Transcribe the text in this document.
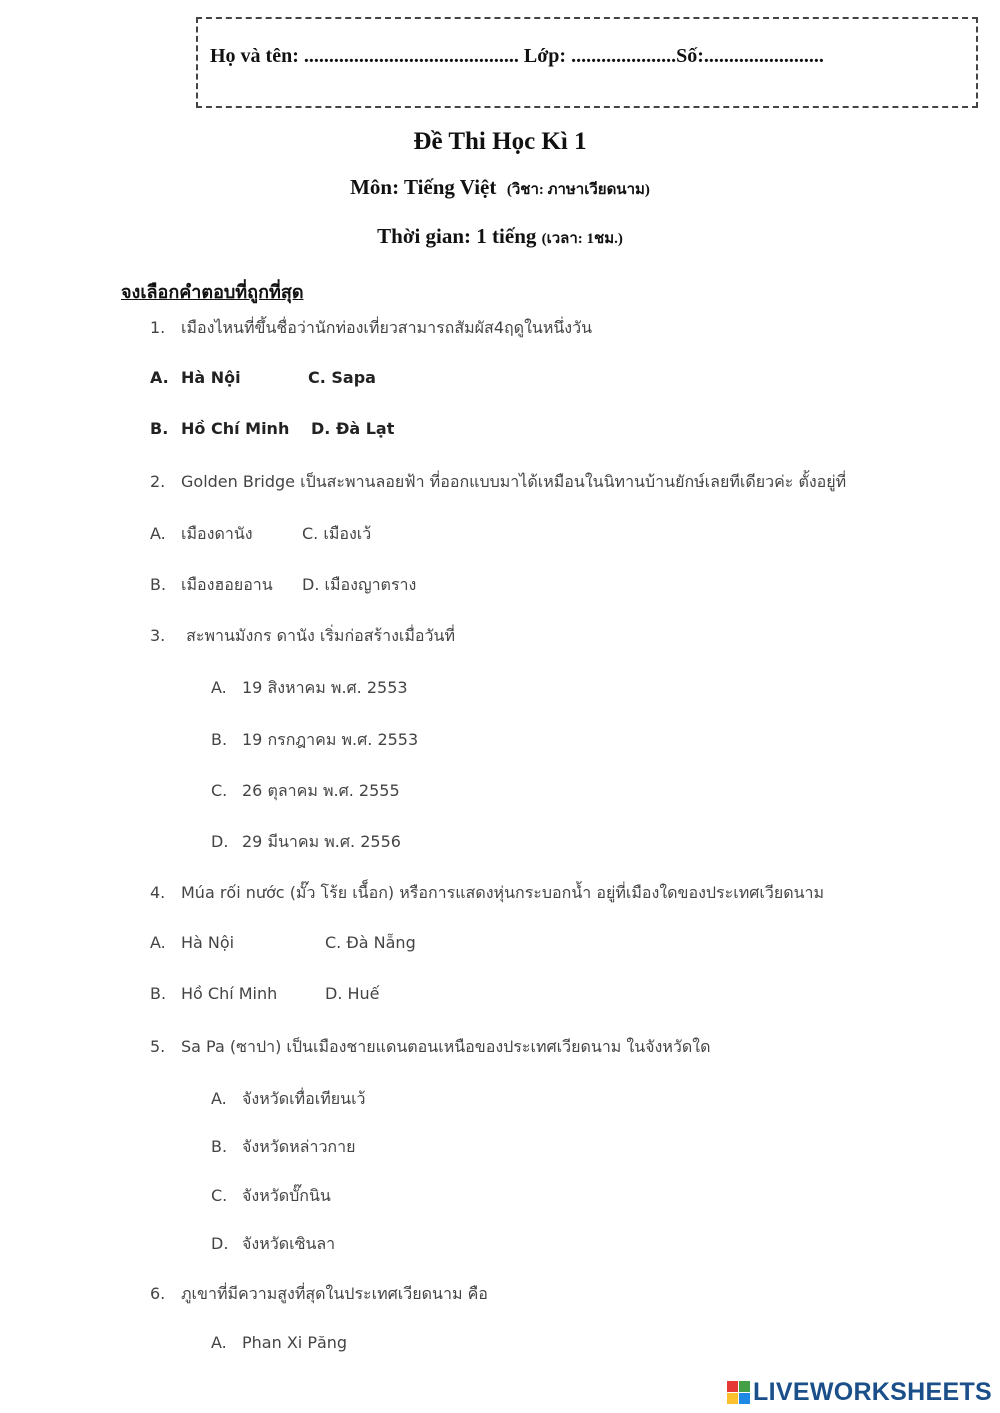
Họ và tên: ........................................... Lớp: .....................Số:........................
Đề Thi Học Kì 1
Môn: Tiếng Việt (วิชา: ภาษาเวียดนาม)
Thời gian: 1 tiếng (เวลา: 1ชม.)
จงเลือกคำตอบที่ถูกที่สุด
1. เมืองไหนที่ขึ้นชื่อว่านักท่องเที่ยวสามารถสัมผัส4ฤดูในหนึ่งวัน
A. Hà Nội	C. Sapa
B. Hồ Chí Minh D. Đà Lạt
2. Golden Bridge เป็นสะพานลอยฟ้า ที่ออกแบบมาได้เหมือนในนิทานบ้านยักษ์เลยทีเดียวค่ะ ตั้งอยู่ที่
A. เมืองดานัง	C. เมืองเว้
B. เมืองฮอยอาน D. เมืองญาตราง
3. สะพานมังกร ดานัง เริ่มก่อสร้างเมื่อวันที่
A. 19 สิงหาคม พ.ศ. 2553
B. 19 กรกฎาคม พ.ศ. 2553
C. 26 ตุลาคม พ.ศ. 2555
D. 29 มีนาคม พ.ศ. 2556
4. Múa rối nước (มั๊ว โร้ย เนื็อก) หรือการแสดงหุ่นกระบอกน้ำ อยู่ที่เมืองใดของประเทศเวียดนาม
A. Hà Nội	C. Đà Nẵng
B. Hồ Chí Minh	D. Huế
5. Sa Pa (ซาปา) เป็นเมืองชายแดนตอนเหนือของประเทศเวียดนาม ในจังหวัดใด
A. จังหวัดเทื่อเทียนเว้
B. จังหวัดหล่าวกาย
C. จังหวัดบั๊กนิน
D. จังหวัดเซินลา
6. ภูเขาที่มีความสูงที่สุดในประเทศเวียดนาม คือ
A. Phan Xi Păng
LIVEWORKSHEETS
